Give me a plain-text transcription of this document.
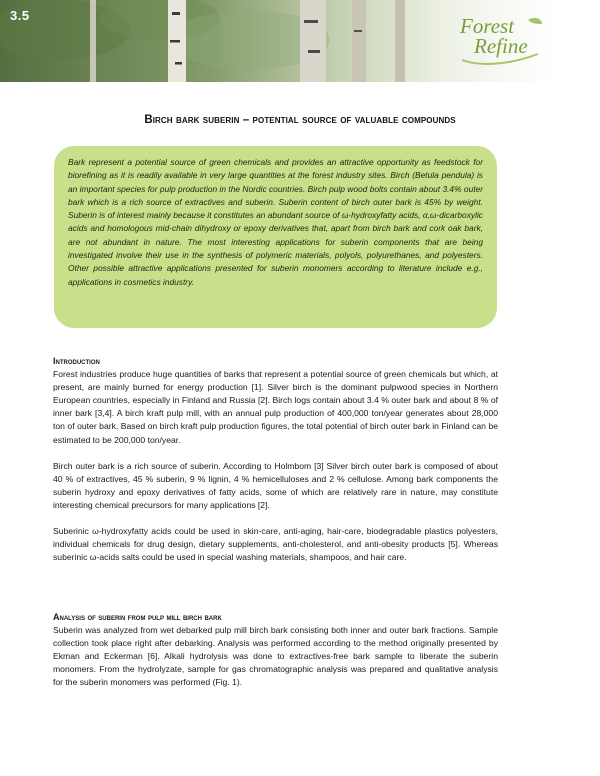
3.5	Forest
Refine
Birch bark suberin – potential source of valuable compounds
Bark represent a potential source of green chemicals and provides an attractive opportunity as feedstock for biorefining as it is readily available in very large quantities at the forest industry sites. Birch (Betula pendula) is an important species for pulp production in the Nordic countries. Birch pulp wood bolts contain about 3.4% outer bark which is a rich source of extractives and suberin. Suberin content of birch outer bark is 45% by weight. Suberin is of interest mainly because it constitutes an abundant source of ω-hydroxyfatty acids, α,ω-dicarboxylic acids and homologous mid-chain dihydroxy or epoxy derivatives that, apart from birch bark and cork oak bark, are not abundant in nature. The most interesting applications for suberin components that are being investigated involve their use in the synthesis of polymeric materials, polyols, polyurethanes, and polyesters. Other possible attractive applications presented for suberin monomers according to literature include e.g., applications in cosmetics industry.

Introduction

Forest industries produce huge quantities of barks that represent a potential source of green chemicals but which, at present, are mainly burned for energy production [1]. Silver birch is the dominant pulpwood species in Northern European countries, especially in Finland and Russia [2]. Birch logs contain about 3.4 % outer bark and about 8 % of inner bark [3,4]. A birch kraft pulp mill, with an annual pulp production of 400,000 ton/year generates about 28,000 ton of outer bark. Based on birch kraft pulp production figures, the total potential of birch outer bark in Finland can be estimated to be 200,000 ton/year.

Birch outer bark is a rich source of suberin. According to Holmbom [3] Silver birch outer bark is composed of about 40 % of extractives, 45 % suberin, 9 % lignin, 4 % hemicelluloses and 2 % cellulose. Among bark components the suberin hydroxy and epoxy derivatives of fatty acids, some of which are relatively rare in nature, may constitute interesting chemical precursors for many applications [2].

Suberinic ω-hydroxyfatty acids could be used in skin-care, anti-aging, hair-care, biodegradable plastics polyesters, individual chemicals for drug design, dietary supplements, anti-cholesterol, and anti-obesity products [5]. Whereas suberinic ω-acids salts could be used in special washing materials, shampoos, and hair care.

Analysis of suberin from pulp mill birch bark

Suberin was analyzed from wet debarked pulp mill birch bark consisting both inner and outer bark fractions. Sample collection took place right after debarking. Analysis was performed according to the method originally presented by Ekman and Eckerman [6]. Alkali hydrolysis was done to extractives-free bark sample to liberate the suberin monomers. From the hydrolyzate, sample for gas chromatographic analysis was prepared and qualitative analysis for the suberin monomers was performed (Fig. 1).
